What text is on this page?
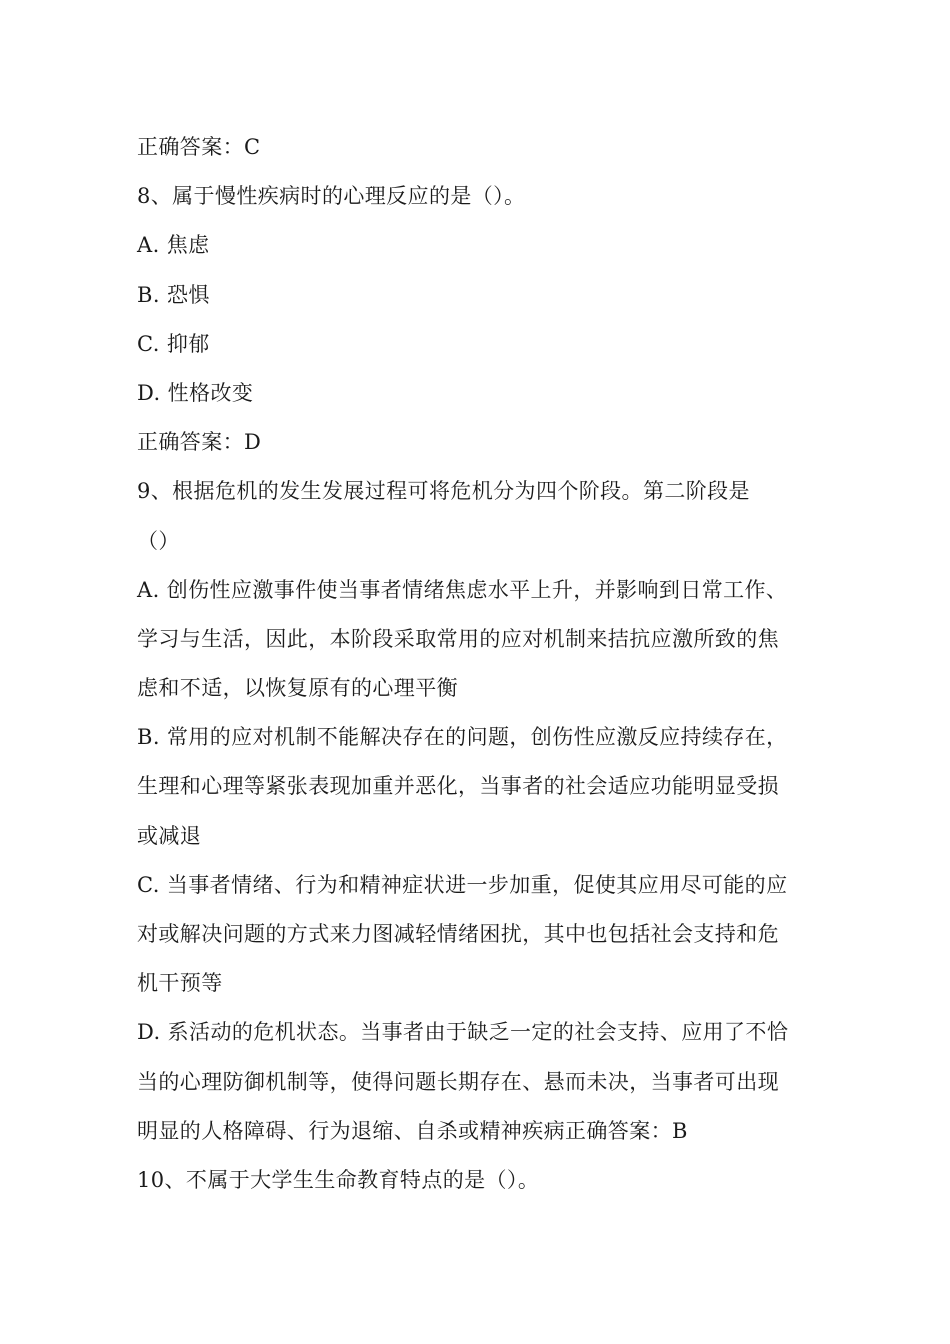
正确答案：C
8、属于慢性疾病时的心理反应的是（）。
A. 焦虑
B. 恐惧
C. 抑郁
D. 性格改变
正确答案：D
9、根据危机的发生发展过程可将危机分为四个阶段。第二阶段是
（）
A. 创伤性应激事件使当事者情绪焦虑水平上升，并影响到日常工作、
学习与生活，因此，本阶段采取常用的应对机制来拮抗应激所致的焦
虑和不适，以恢复原有的心理平衡
B. 常用的应对机制不能解决存在的问题，创伤性应激反应持续存在，
生理和心理等紧张表现加重并恶化，当事者的社会适应功能明显受损
或减退
C. 当事者情绪、行为和精神症状进一步加重，促使其应用尽可能的应
对或解决问题的方式来力图减轻情绪困扰，其中也包括社会支持和危
机干预等
D. 系活动的危机状态。当事者由于缺乏一定的社会支持、应用了不恰
当的心理防御机制等，使得问题长期存在、悬而未决，当事者可出现
明显的人格障碍、行为退缩、自杀或精神疾病正确答案：B
10、不属于大学生生命教育特点的是（）。
